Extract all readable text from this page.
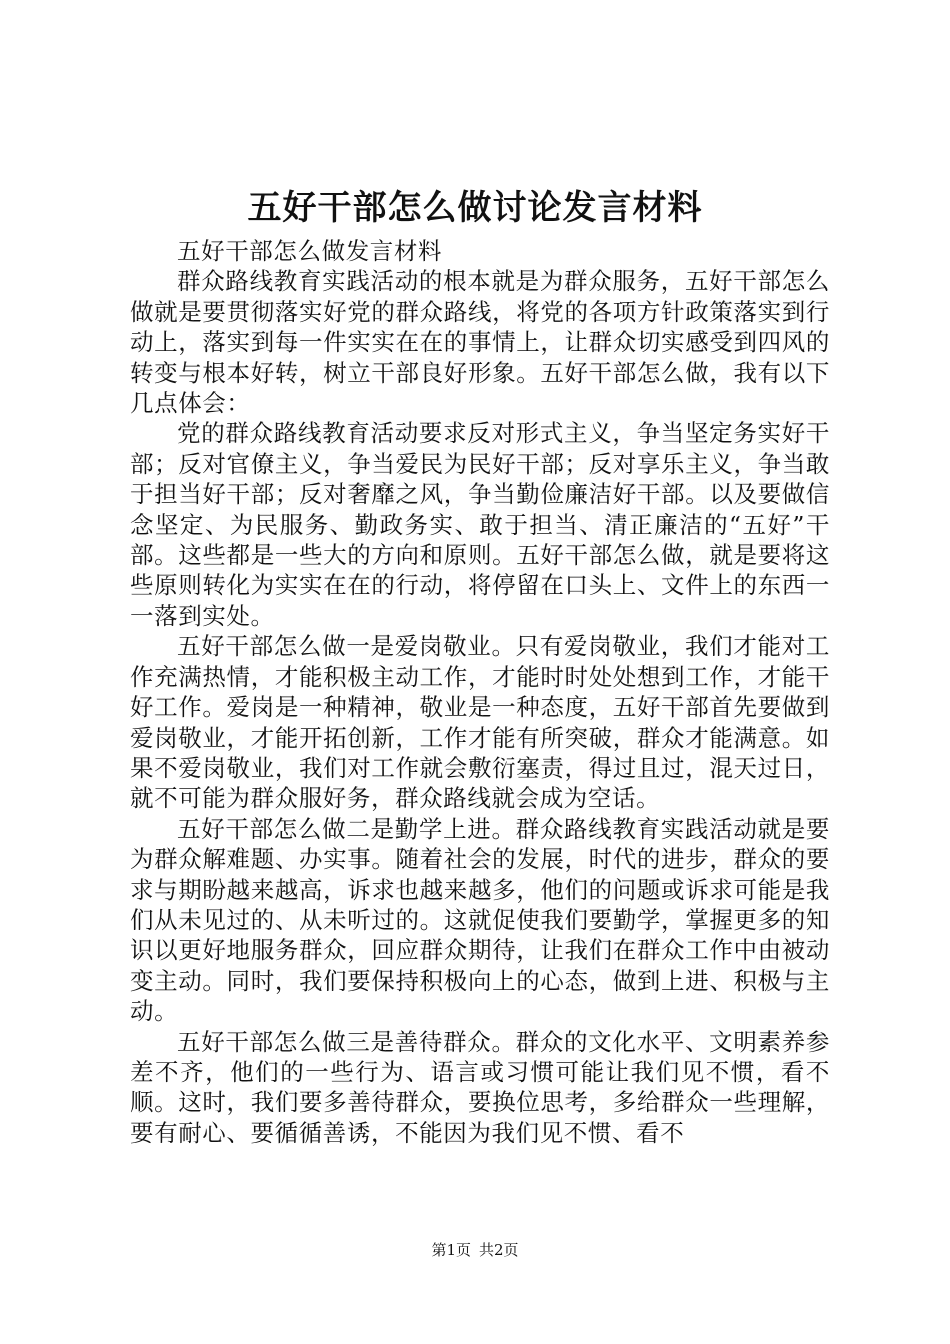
五好干部怎么做讨论发言材料

五好干部怎么做发言材料

群众路线教育实践活动的根本就是为群众服务，五好干部怎么做就是要贯彻落实好党的群众路线，将党的各项方针政策落实到行动上，落实到每一件实实在在的事情上，让群众切实感受到四风的转变与根本好转，树立干部良好形象。五好干部怎么做，我有以下几点体会：

党的群众路线教育活动要求反对形式主义，争当坚定务实好干部；反对官僚主义，争当爱民为民好干部；反对享乐主义，争当敢于担当好干部；反对奢靡之风，争当勤俭廉洁好干部。以及要做信念坚定、为民服务、勤政务实、敢于担当、清正廉洁的“五好”干部。这些都是一些大的方向和原则。五好干部怎么做，就是要将这些原则转化为实实在在的行动，将停留在口头上、文件上的东西一一落到实处。

五好干部怎么做一是爱岗敬业。只有爱岗敬业，我们才能对工作充满热情，才能积极主动工作，才能时时处处想到工作，才能干好工作。爱岗是一种精神，敬业是一种态度，五好干部首先要做到爱岗敬业，才能开拓创新，工作才能有所突破，群众才能满意。如果不爱岗敬业，我们对工作就会敷衍塞责，得过且过，混天过日，就不可能为群众服好务，群众路线就会成为空话。

五好干部怎么做二是勤学上进。群众路线教育实践活动就是要为群众解难题、办实事。随着社会的发展，时代的进步，群众的要求与期盼越来越高，诉求也越来越多，他们的问题或诉求可能是我们从未见过的、从未听过的。这就促使我们要勤学，掌握更多的知识以更好地服务群众，回应群众期待，让我们在群众工作中由被动变主动。同时，我们要保持积极向上的心态，做到上进、积极与主动。

五好干部怎么做三是善待群众。群众的文化水平、文明素养参差不齐，他们的一些行为、语言或习惯可能让我们见不惯，看不顺。这时，我们要多善待群众，要换位思考，多给群众一些理解，要有耐心、要循循善诱，不能因为我们见不惯、看不

第1页 共2页
